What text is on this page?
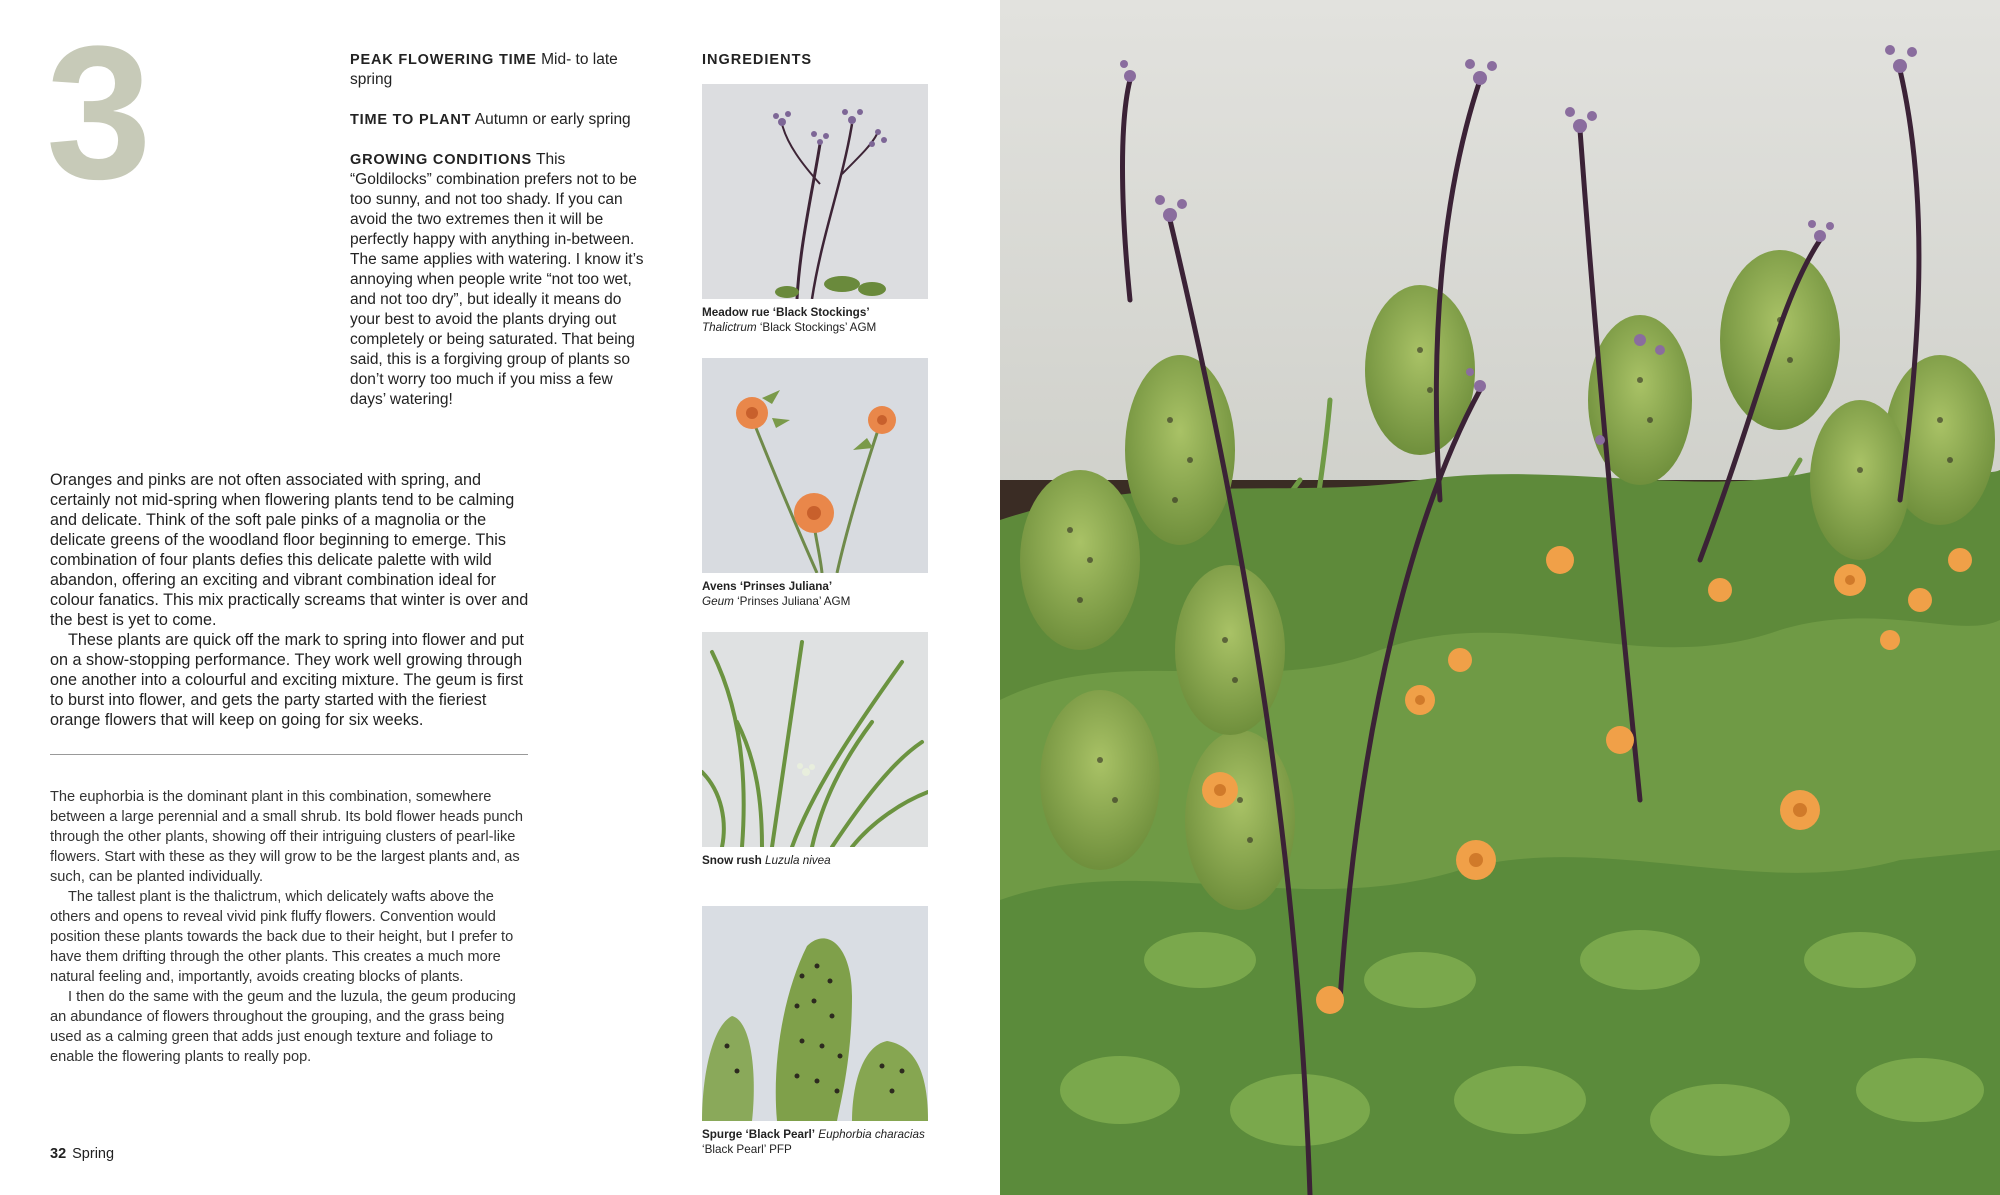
3	PEAK FLOWERING TIME Mid- to late spring

TIME TO PLANT Autumn or early spring

GROWING CONDITIONS This “Goldilocks” combination prefers not to be too sunny, and not too shady. If you can avoid the two extremes then it will be perfectly happy with anything in-between. The same applies with watering. I know it’s annoying when people write “not too wet, and not too dry”, but ideally it means do your best to avoid the plants drying out completely or being saturated. That being said, this is a forgiving group of plants so don’t worry too much if you miss a few days’ watering!

Oranges and pinks are not often associated with spring, and certainly not mid-spring when flowering plants tend to be calming and delicate. Think of the soft pale pinks of a magnolia or the delicate greens of the woodland floor beginning to emerge. This combination of four plants defies this delicate palette with wild abandon, offering an exciting and vibrant combination ideal for colour fanatics. This mix practically screams that winter is over and the best is yet to come.

These plants are quick off the mark to spring into flower and put on a show-stopping performance. They work well growing through one another into a colourful and exciting mixture. The geum is first to burst into flower, and gets the party started with the fieriest orange flowers that will keep on going for six weeks.

The euphorbia is the dominant plant in this combination, somewhere between a large perennial and a small shrub. Its bold flower heads punch through the other plants, showing off their intriguing clusters of pearl-like flowers. Start with these as they will grow to be the largest plants and, as such, can be planted individually.

The tallest plant is the thalictrum, which delicately wafts above the others and opens to reveal vivid pink fluffy flowers. Convention would position these plants towards the back due to their height, but I prefer to have them drifting through the other plants. This creates a much more natural feeling and, importantly, avoids creating blocks of plants.

I then do the same with the geum and the luzula, the geum producing an abundance of flowers throughout the grouping, and the grass being used as a calming green that adds just enough texture and foliage to enable the flowering plants to really pop.

32 Spring
INGREDIENTS
Meadow rue ‘Black Stockings’
Thalictrum ‘Black Stockings’ AGM
Avens ‘Prinses Juliana’
Geum ‘Prinses Juliana’ AGM
Snow rush Luzula nivea
Spurge ‘Black Pearl’ Euphorbia characias ‘Black Pearl’ PFP
